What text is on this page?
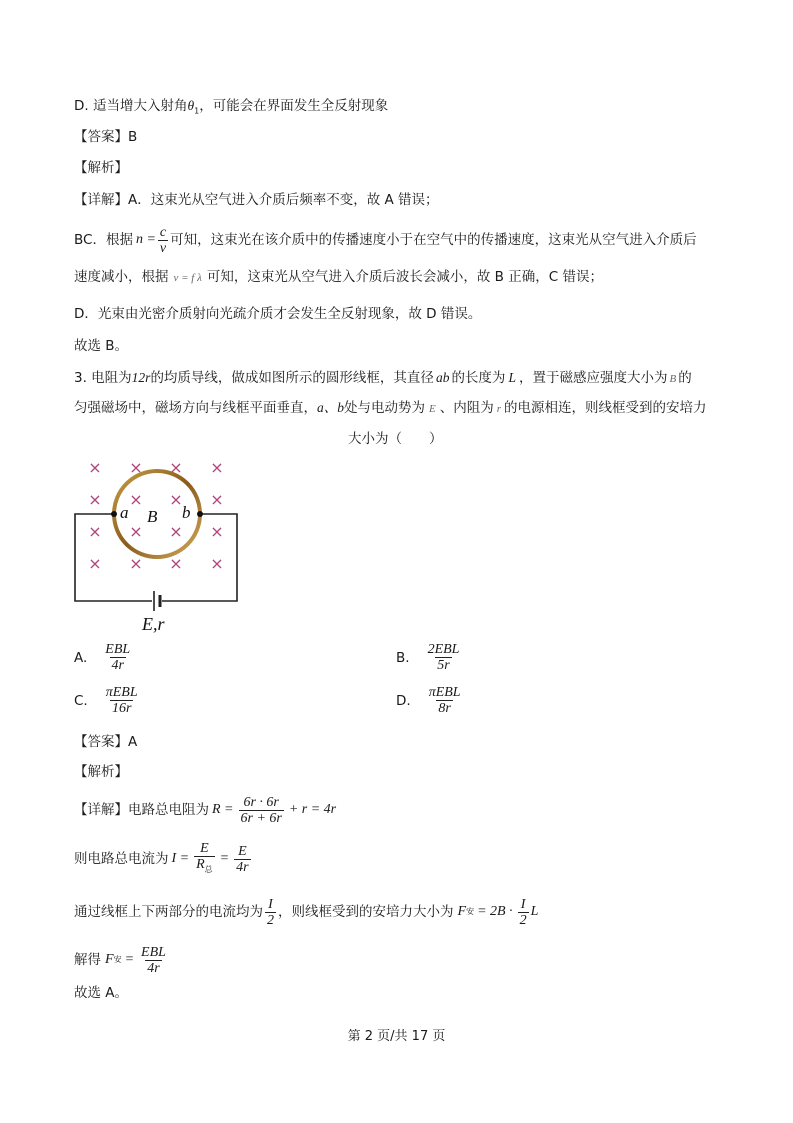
D. 适当增大入射角$\theta_1$，可能会在界面发生全反射现象
【答案】B
【解析】
【详解】A．这束光从空气进入介质后频率不变，故 A 错误；
BC．根据 $n = \frac{c}{v}$ 可知，这束光在该介质中的传播速度小于在空气中的传播速度，这束光从空气进入介质后
速度减小，根据 v = f λ 可知，这束光从空气进入介质后波长会减小，故 B 正确，C 错误；
D．光束由光密介质射向光疏介质才会发生全反射现象，故 D 错误。
故选 B。
3. 电阻为12r的均质导线，做成如图所示的圆形线框，其直径 ab 的长度为 L ，置于磁感应强度大小为 B 的
匀强磁场中，磁场方向与线框平面垂直，a、b处与电动势为 E 、内阻为 r 的电源相连，则线框受到的安培力
大小为（　　）
× × × ×
× × × ×
× × × ×
× × × ×
a B b
E,r
A. $\frac{\text{EBL}}{4r}$	B. $\frac{\text{2EBL}}{5r}$
C. $\frac{\text{πEBL}}{16r}$	D. $\frac{\text{πEBL}}{8r}$
【答案】A
【解析】
【详解】 电路总电阻为 $R = \frac{6r \cdot 6r}{6r + 6r} + r = 4r$
则电路总电流为 $I = \frac{E}{R_总} = \frac{E}{4r}$
通过线框上下两部分的电流均为 $\frac{I}{2}$ ，则线框受到的安培力大小为 F 安 = $2B \cdot \frac{I}{2}$ L
解得 F 安 = $\frac{\text{EBL}}{4r}$
故选 A。
第 2 页/共 17 页
